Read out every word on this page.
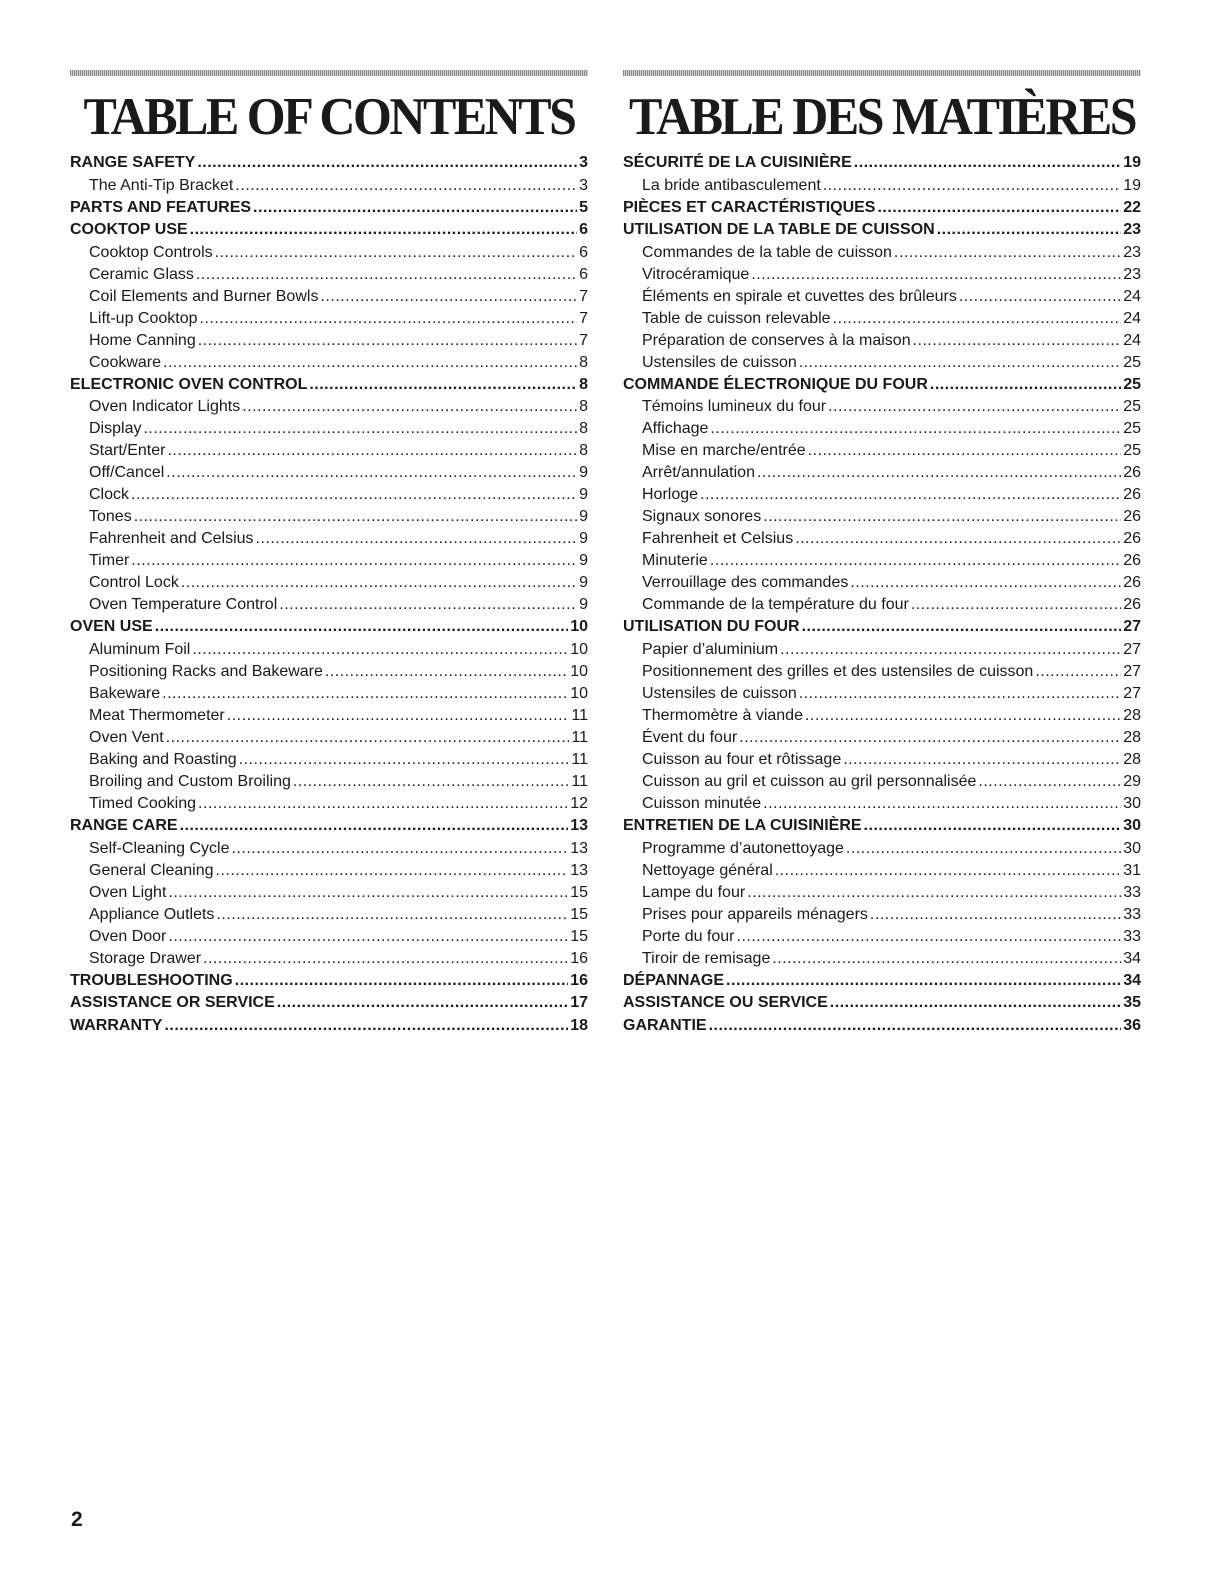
TABLE OF CONTENTS
RANGE SAFETY .....	3
The Anti-Tip Bracket .....	3
PARTS AND FEATURES .....	5
COOKTOP USE .....	6
Cooktop Controls .....	6
Ceramic Glass .....	6
Coil Elements and Burner Bowls .....	7
Lift-up Cooktop .....	7
Home Canning .....	7
Cookware .....	8
ELECTRONIC OVEN CONTROL .....	8
Oven Indicator Lights .....	8
Display .....	8
Start/Enter .....	8
Off/Cancel .....	9
Clock .....	9
Tones .....	9
Fahrenheit and Celsius .....	9
Timer .....	9
Control Lock .....	9
Oven Temperature Control .....	9
OVEN USE .....	10
Aluminum Foil .....	10
Positioning Racks and Bakeware .....	10
Bakeware .....	10
Meat Thermometer .....	11
Oven Vent .....	11
Baking and Roasting .....	11
Broiling and Custom Broiling .....	11
Timed Cooking .....	12
RANGE CARE .....	13
Self-Cleaning Cycle .....	13
General Cleaning .....	13
Oven Light .....	15
Appliance Outlets .....	15
Oven Door .....	15
Storage Drawer .....	16
TROUBLESHOOTING .....	16
ASSISTANCE OR SERVICE .....	17
WARRANTY .....	18
TABLE DES MATIÈRES
SÉCURITÉ DE LA CUISINIÈRE .....	19
La bride antibasculement .....	19
PIÈCES ET CARACTÉRISTIQUES .....	22
UTILISATION DE LA TABLE DE CUISSON .....	23
Commandes de la table de cuisson .....	23
Vitrocéramique .....	23
Éléments en spirale et cuvettes des brûleurs .....	24
Table de cuisson relevable .....	24
Préparation de conserves à la maison .....	24
Ustensiles de cuisson .....	25
COMMANDE ÉLECTRONIQUE DU FOUR .....	25
Témoins lumineux du four .....	25
Affichage .....	25
Mise en marche/entrée .....	25
Arrêt/annulation .....	26
Horloge .....	26
Signaux sonores .....	26
Fahrenheit et Celsius .....	26
Minuterie .....	26
Verrouillage des commandes .....	26
Commande de la température du four .....	26
UTILISATION DU FOUR .....	27
Papier d’aluminium .....	27
Positionnement des grilles et des ustensiles de cuisson .....	27
Ustensiles de cuisson .....	27
Thermomètre à viande .....	28
Évent du four .....	28
Cuisson au four et rôtissage .....	28
Cuisson au gril et cuisson au gril personnalisée .....	29
Cuisson minutée .....	30
ENTRETIEN DE LA CUISINIÈRE .....	30
Programme d’autonettoyage .....	30
Nettoyage général .....	31
Lampe du four .....	33
Prises pour appareils ménagers .....	33
Porte du four .....	33
Tiroir de remisage .....	34
DÉPANNAGE .....	34
ASSISTANCE OU SERVICE .....	35
GARANTIE .....	36
2
